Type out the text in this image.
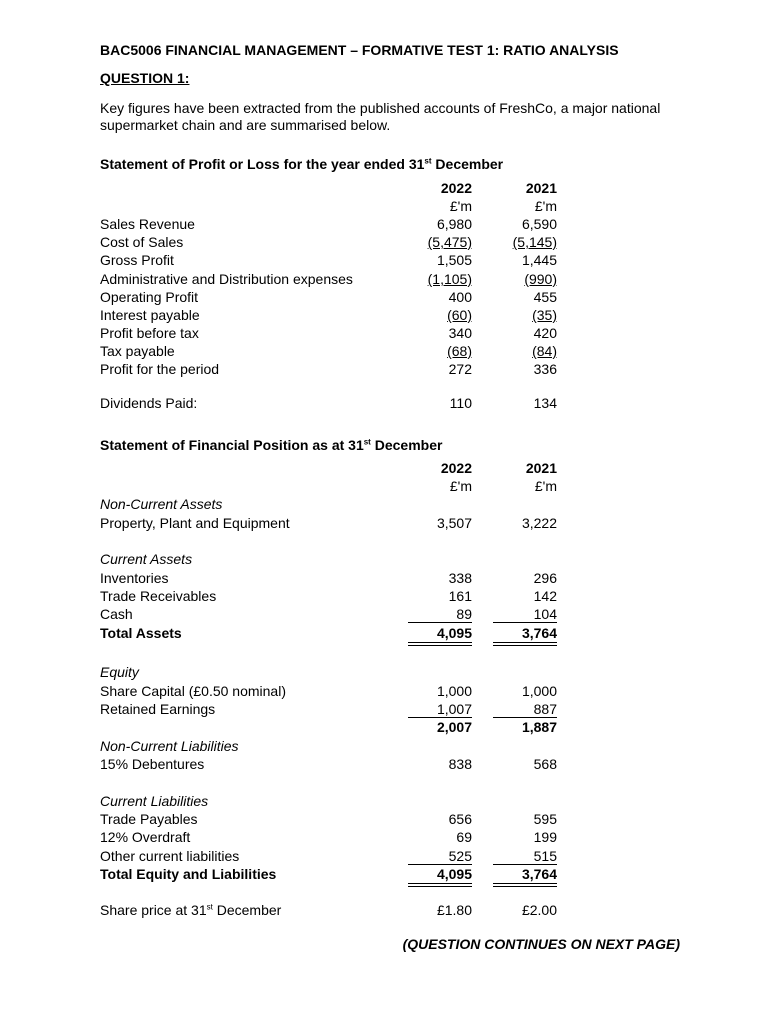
BAC5006 FINANCIAL MANAGEMENT – FORMATIVE TEST 1: RATIO ANALYSIS
QUESTION 1:
Key figures have been extracted from the published accounts of FreshCo, a major national supermarket chain and are summarised below.
Statement of Profit or Loss for the year ended 31st December
2022	2021
£'m	£'m
Sales Revenue	6,980	6,590
Cost of Sales	(5,475)	(5,145)
Gross Profit	1,505	1,445
Administrative and Distribution expenses	(1,105)	(990)
Operating Profit	400	455
Interest payable	(60)	(35)
Profit before tax	340	420
Tax payable	(68)	(84)
Profit for the period	272	336
Dividends Paid:	110	134
Statement of Financial Position as at 31st December
2022	2021
£'m	£'m
Non-Current Assets
Property, Plant and Equipment	3,507	3,222
Current Assets
Inventories	338	296
Trade Receivables	161	142
Cash	89	104
Total Assets	4,095	3,764
Equity
Share Capital (£0.50 nominal)	1,000	1,000
Retained Earnings	1,007	887
2,007	1,887
Non-Current Liabilities
15% Debentures	838	568
Current Liabilities
Trade Payables	656	595
12% Overdraft	69	199
Other current liabilities	525	515
Total Equity and Liabilities	4,095	3,764
Share price at 31st December	£1.80	£2.00
(QUESTION CONTINUES ON NEXT PAGE)
